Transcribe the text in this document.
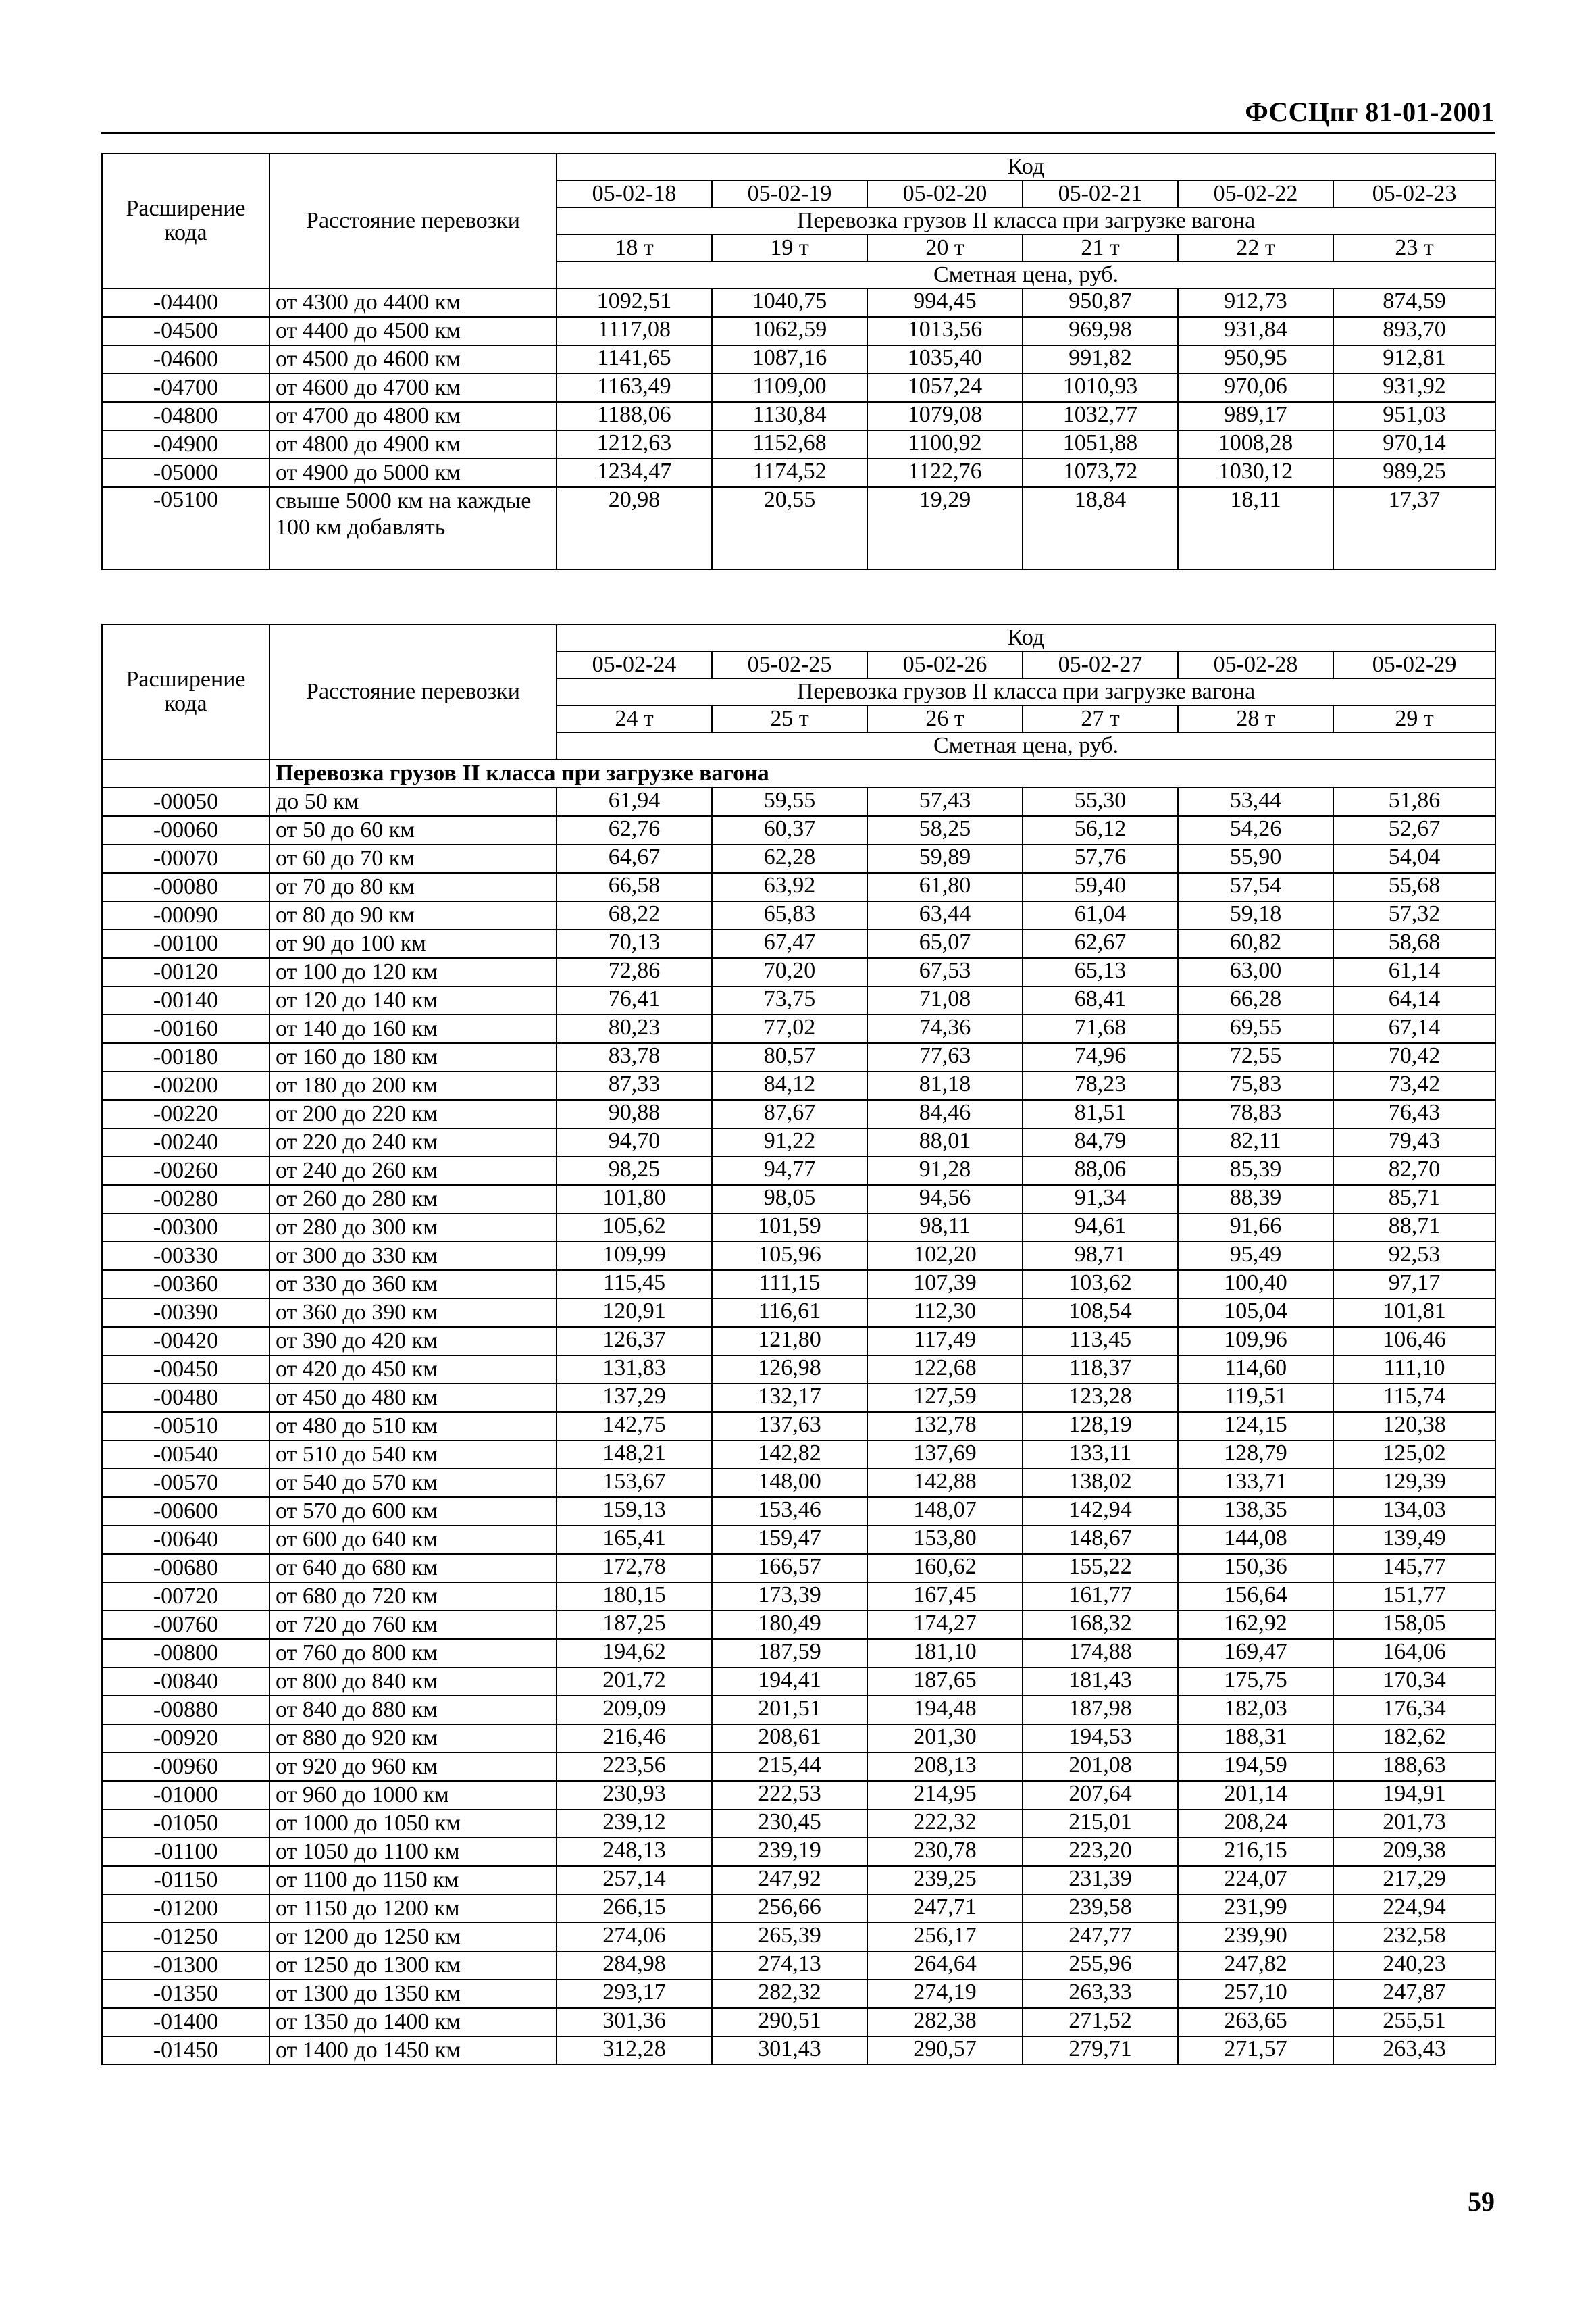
ФССЦпг 81-01-2001
Расширение кода	Расстояние перевозки	Код					
		05-02-18	05-02-19	05-02-20	05-02-21	05-02-22	05-02-23
		Перевозка грузов II класса при загрузке вагона					
		18 т	19 т	20 т	21 т	22 т	23 т
		Сметная цена, руб.					
-04400	от 4300 до 4400 км	1092,51	1040,75	994,45	950,87	912,73	874,59
-04500	от 4400 до 4500 км	1117,08	1062,59	1013,56	969,98	931,84	893,70
-04600	от 4500 до 4600 км	1141,65	1087,16	1035,40	991,82	950,95	912,81
-04700	от 4600 до 4700 км	1163,49	1109,00	1057,24	1010,93	970,06	931,92
-04800	от 4700 до 4800 км	1188,06	1130,84	1079,08	1032,77	989,17	951,03
-04900	от 4800 до 4900 км	1212,63	1152,68	1100,92	1051,88	1008,28	970,14
-05000	от 4900 до 5000 км	1234,47	1174,52	1122,76	1073,72	1030,12	989,25
-05100	свыше 5000 км на каждые 100 км добавлять	20,98	20,55	19,29	18,84	18,11	17,37
Расширение кода	Расстояние перевозки	Код					
		05-02-24	05-02-25	05-02-26	05-02-27	05-02-28	05-02-29
		Перевозка грузов II класса при загрузке вагона					
		24 т	25 т	26 т	27 т	28 т	29 т
		Сметная цена, руб.					
	Перевозка грузов II класса при загрузке вагона						
-00050	до 50 км	61,94	59,55	57,43	55,30	53,44	51,86
-00060	от 50 до 60 км	62,76	60,37	58,25	56,12	54,26	52,67
-00070	от 60 до 70 км	64,67	62,28	59,89	57,76	55,90	54,04
-00080	от 70 до 80 км	66,58	63,92	61,80	59,40	57,54	55,68
-00090	от 80 до 90 км	68,22	65,83	63,44	61,04	59,18	57,32
-00100	от 90 до 100 км	70,13	67,47	65,07	62,67	60,82	58,68
-00120	от 100 до 120 км	72,86	70,20	67,53	65,13	63,00	61,14
-00140	от 120 до 140 км	76,41	73,75	71,08	68,41	66,28	64,14
-00160	от 140 до 160 км	80,23	77,02	74,36	71,68	69,55	67,14
-00180	от 160 до 180 км	83,78	80,57	77,63	74,96	72,55	70,42
-00200	от 180 до 200 км	87,33	84,12	81,18	78,23	75,83	73,42
-00220	от 200 до 220 км	90,88	87,67	84,46	81,51	78,83	76,43
-00240	от 220 до 240 км	94,70	91,22	88,01	84,79	82,11	79,43
-00260	от 240 до 260 км	98,25	94,77	91,28	88,06	85,39	82,70
-00280	от 260 до 280 км	101,80	98,05	94,56	91,34	88,39	85,71
-00300	от 280 до 300 км	105,62	101,59	98,11	94,61	91,66	88,71
-00330	от 300 до 330 км	109,99	105,96	102,20	98,71	95,49	92,53
-00360	от 330 до 360 км	115,45	111,15	107,39	103,62	100,40	97,17
-00390	от 360 до 390 км	120,91	116,61	112,30	108,54	105,04	101,81
-00420	от 390 до 420 км	126,37	121,80	117,49	113,45	109,96	106,46
-00450	от 420 до 450 км	131,83	126,98	122,68	118,37	114,60	111,10
-00480	от 450 до 480 км	137,29	132,17	127,59	123,28	119,51	115,74
-00510	от 480 до 510 км	142,75	137,63	132,78	128,19	124,15	120,38
-00540	от 510 до 540 км	148,21	142,82	137,69	133,11	128,79	125,02
-00570	от 540 до 570 км	153,67	148,00	142,88	138,02	133,71	129,39
-00600	от 570 до 600 км	159,13	153,46	148,07	142,94	138,35	134,03
-00640	от 600 до 640 км	165,41	159,47	153,80	148,67	144,08	139,49
-00680	от 640 до 680 км	172,78	166,57	160,62	155,22	150,36	145,77
-00720	от 680 до 720 км	180,15	173,39	167,45	161,77	156,64	151,77
-00760	от 720 до 760 км	187,25	180,49	174,27	168,32	162,92	158,05
-00800	от 760 до 800 км	194,62	187,59	181,10	174,88	169,47	164,06
-00840	от 800 до 840 км	201,72	194,41	187,65	181,43	175,75	170,34
-00880	от 840 до 880 км	209,09	201,51	194,48	187,98	182,03	176,34
-00920	от 880 до 920 км	216,46	208,61	201,30	194,53	188,31	182,62
-00960	от 920 до 960 км	223,56	215,44	208,13	201,08	194,59	188,63
-01000	от 960 до 1000 км	230,93	222,53	214,95	207,64	201,14	194,91
-01050	от 1000 до 1050 км	239,12	230,45	222,32	215,01	208,24	201,73
-01100	от 1050 до 1100 км	248,13	239,19	230,78	223,20	216,15	209,38
-01150	от 1100 до 1150 км	257,14	247,92	239,25	231,39	224,07	217,29
-01200	от 1150 до 1200 км	266,15	256,66	247,71	239,58	231,99	224,94
-01250	от 1200 до 1250 км	274,06	265,39	256,17	247,77	239,90	232,58
-01300	от 1250 до 1300 км	284,98	274,13	264,64	255,96	247,82	240,23
-01350	от 1300 до 1350 км	293,17	282,32	274,19	263,33	257,10	247,87
-01400	от 1350 до 1400 км	301,36	290,51	282,38	271,52	263,65	255,51
-01450	от 1400 до 1450 км	312,28	301,43	290,57	279,71	271,57	263,43
59
